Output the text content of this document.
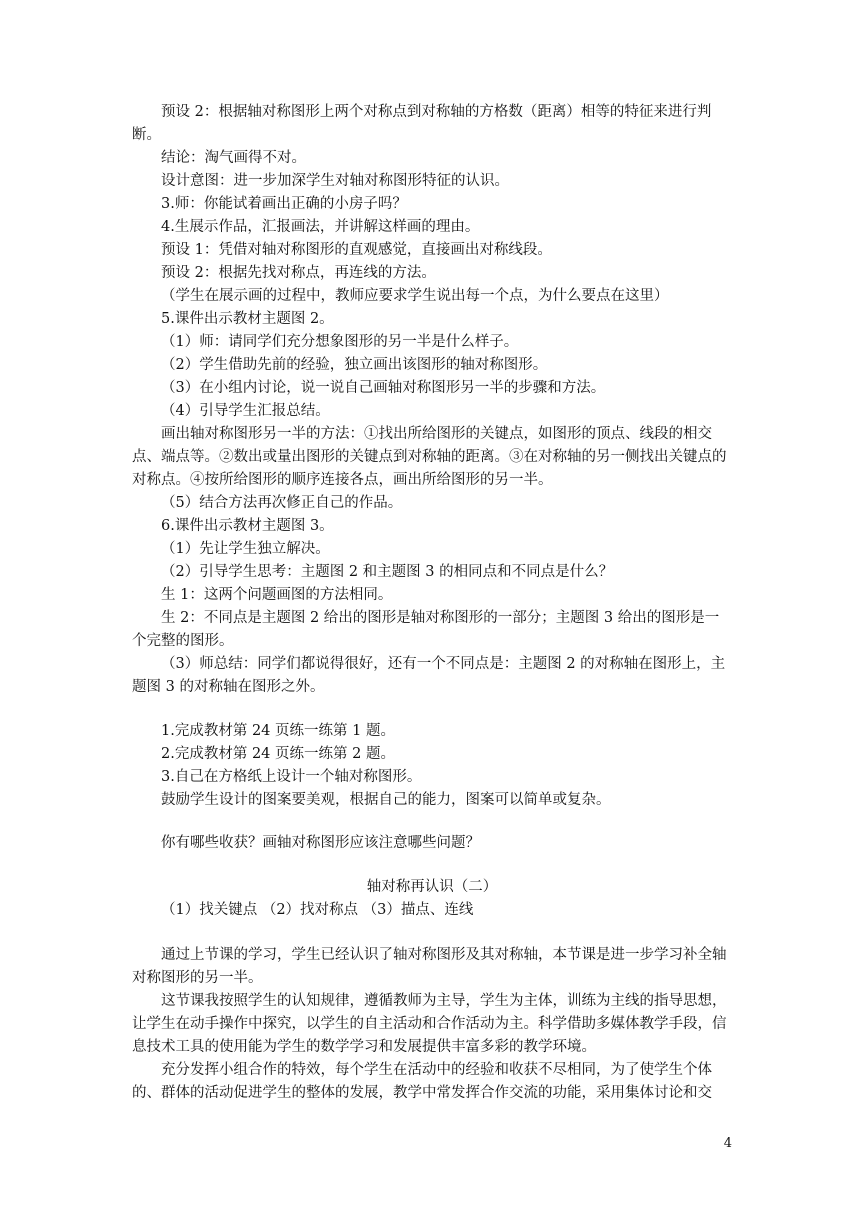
预设 2：根据轴对称图形上两个对称点到对称轴的方格数（距离）相等的特征来进行判断。

结论：淘气画得不对。

设计意图：进一步加深学生对轴对称图形特征的认识。

3.师：你能试着画出正确的小房子吗？

4.生展示作品，汇报画法，并讲解这样画的理由。

预设 1：凭借对轴对称图形的直观感觉，直接画出对称线段。

预设 2：根据先找对称点，再连线的方法。

（学生在展示画的过程中，教师应要求学生说出每一个点，为什么要点在这里）

5.课件出示教材主题图 2。

（1）师：请同学们充分想象图形的另一半是什么样子。

（2）学生借助先前的经验，独立画出该图形的轴对称图形。

（3）在小组内讨论，说一说自己画轴对称图形另一半的步骤和方法。

（4）引导学生汇报总结。

画出轴对称图形另一半的方法：①找出所给图形的关键点，如图形的顶点、线段的相交点、端点等。②数出或量出图形的关键点到对称轴的距离。③在对称轴的另一侧找出关键点的对称点。④按所给图形的顺序连接各点，画出所给图形的另一半。

（5）结合方法再次修正自己的作品。

6.课件出示教材主题图 3。

（1）先让学生独立解决。

（2）引导学生思考：主题图 2 和主题图 3 的相同点和不同点是什么？

生 1：这两个问题画图的方法相同。

生 2：不同点是主题图 2 给出的图形是轴对称图形的一部分；主题图 3 给出的图形是一个完整的图形。

（3）师总结：同学们都说得很好，还有一个不同点是：主题图 2 的对称轴在图形上，主题图 3 的对称轴在图形之外。

1.完成教材第 24 页练一练第 1 题。

2.完成教材第 24 页练一练第 2 题。

3.自己在方格纸上设计一个轴对称图形。

鼓励学生设计的图案要美观，根据自己的能力，图案可以简单或复杂。

你有哪些收获？画轴对称图形应该注意哪些问题？

轴对称再认识（二）

（1）找关键点 （2）找对称点 （3）描点、连线

通过上节课的学习，学生已经认识了轴对称图形及其对称轴，本节课是进一步学习补全轴对称图形的另一半。

这节课我按照学生的认知规律，遵循教师为主导，学生为主体，训练为主线的指导思想，让学生在动手操作中探究，以学生的自主活动和合作活动为主。科学借助多媒体教学手段，信息技术工具的使用能为学生的数学学习和发展提供丰富多彩的教学环境。

充分发挥小组合作的特效，每个学生在活动中的经验和收获不尽相同，为了使学生个体的、群体的活动促进学生的整体的发展，教学中常发挥合作交流的功能，采用集体讨论和交

4
